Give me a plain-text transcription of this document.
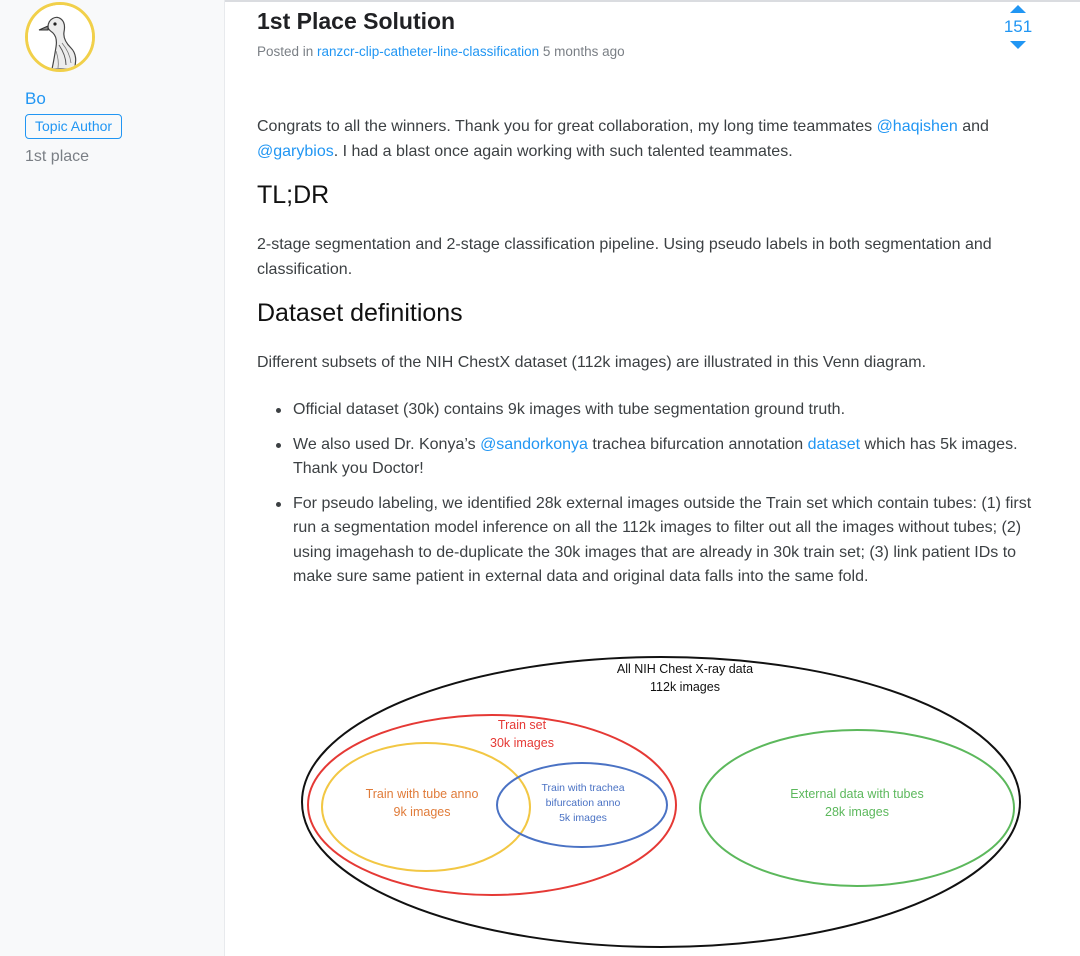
Bo
Topic Author
1st place
151
1st Place Solution
Posted in ranzcr-clip-catheter-line-classification 5 months ago

Congrats to all the winners. Thank you for great collaboration, my long time teammates @haqishen and @garybios. I had a blast once again working with such talented teammates.

TL;DR

2-stage segmentation and 2-stage classification pipeline. Using pseudo labels in both segmentation and classification.

Dataset definitions

Different subsets of the NIH ChestX dataset (112k images) are illustrated in this Venn diagram.

Official dataset (30k) contains 9k images with tube segmentation ground truth.
We also used Dr. Konya’s @sandorkonya trachea bifurcation annotation dataset which has 5k images. Thank you Doctor!
For pseudo labeling, we identified 28k external images outside the Train set which contain tubes: (1) first run a segmentation model inference on all the 112k images to filter out all the images without tubes; (2) using imagehash to de-duplicate the 30k images that are already in 30k train set; (3) link patient IDs to make sure same patient in external data and original data falls into the same fold.
All NIH Chest X-ray data
112k images
Train set
30k images
Train with tube anno
9k images
Train with trachea
bifurcation anno
5k images
External data with tubes
28k images
